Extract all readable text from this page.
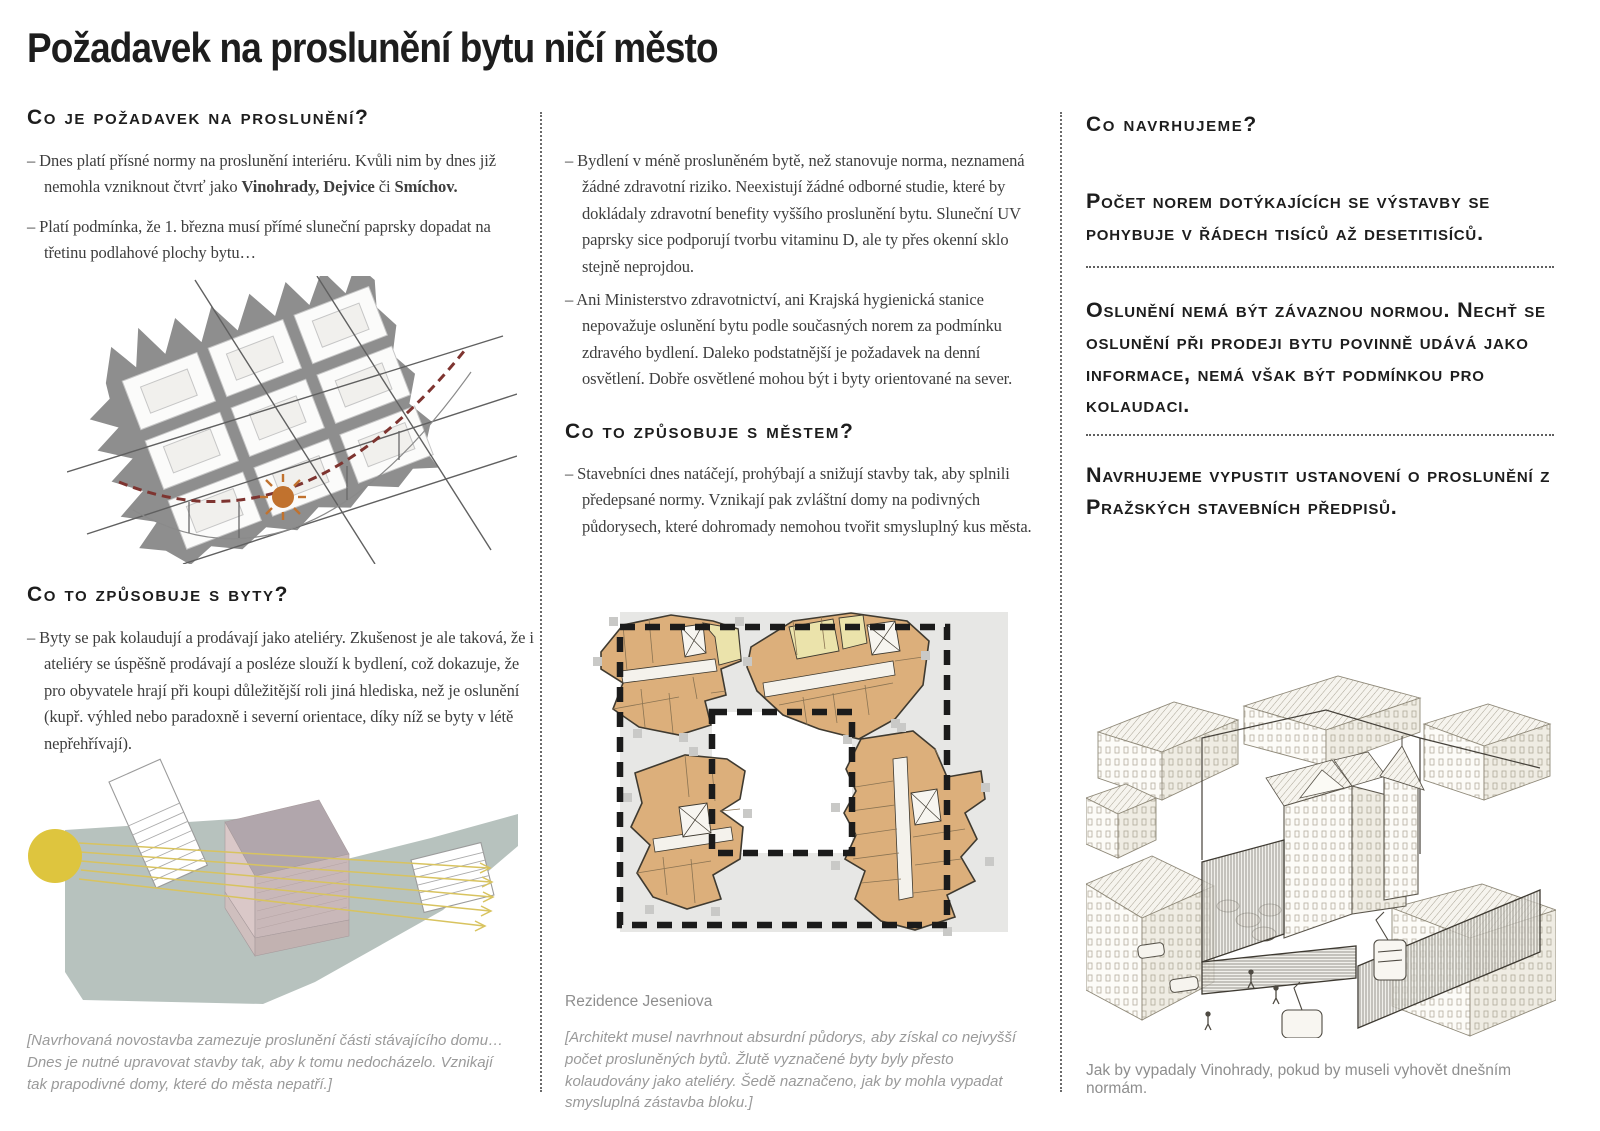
Požadavek na proslunění bytu ničí město
Co je požadavek na proslunění?

– Dnes platí přísné normy na proslunění interiéru. Kvůli nim by dnes již nemohla vzniknout čtvrť jako Vinohrady, Dejvice či Smíchov.

– Platí podmínka, že 1. března musí přímé sluneční paprsky dopadat na třetinu podlahové plochy bytu…

Co to způsobuje s byty?

– Byty se pak kolaudují a prodávají jako ateliéry. Zkušenost je ale taková, že i ateliéry se úspěšně prodávají a posléze slouží k bydlení, což dokazuje, že pro obyvatele hrají při koupi důležitější roli jiná hlediska, než je oslunění (kupř. výhled nebo paradoxně i severní orientace, díky níž se byty v létě nepřehřívají).

[Navrhovaná novostavba zamezuje proslunění části stávajícího domu… Dnes je nutné upravovat stavby tak, aby k tomu nedocházelo. Vznikají tak prapodivné domy, které do města nepatří.]

– Bydlení v méně prosluněném bytě, než stanovuje norma, neznamená žádné zdravotní riziko. Neexistují žádné odborné studie, které by dokládaly zdravotní benefity vyššího proslunění bytu. Sluneční UV paprsky sice podporují tvorbu vitaminu D, ale ty přes okenní sklo stejně neprojdou.

– Ani Ministerstvo zdravotnictví, ani Krajská hygienická stanice nepovažuje oslunění bytu podle současných norem za podmínku zdravého bydlení. Daleko podstatnější je požadavek na denní osvětlení. Dobře osvětlené mohou být i byty orientované na sever.

Co to způsobuje s městem?

– Stavebníci dnes natáčejí, prohýbají a snižují stavby tak, aby splnili předepsané normy. Vznikají pak zvláštní domy na podivných půdorysech, které dohromady nemohou tvořit smysluplný kus města.

Rezidence Jeseniova

[Architekt musel navrhnout absurdní půdorys, aby získal co nejvyšší počet prosluněných bytů. Žlutě vyznačené byty byly přesto kolaudovány jako ateliéry. Šedě naznačeno, jak by mohla vypadat smysluplná zástavba bloku.]

Co navrhujeme?

Počet norem dotýkajících se výstavby se pohybuje v řádech tisíců až desetitisíců.

Oslunění nemá být závaznou normou. Nechť se oslunění při prodeji bytu povinně udává jako informace, nemá však být podmínkou pro kolaudaci.

Navrhujeme vypustit ustanovení o proslunění z Pražských stavebních předpisů.

Jak by vypadaly Vinohrady, pokud by museli vyhovět dnešním normám.
